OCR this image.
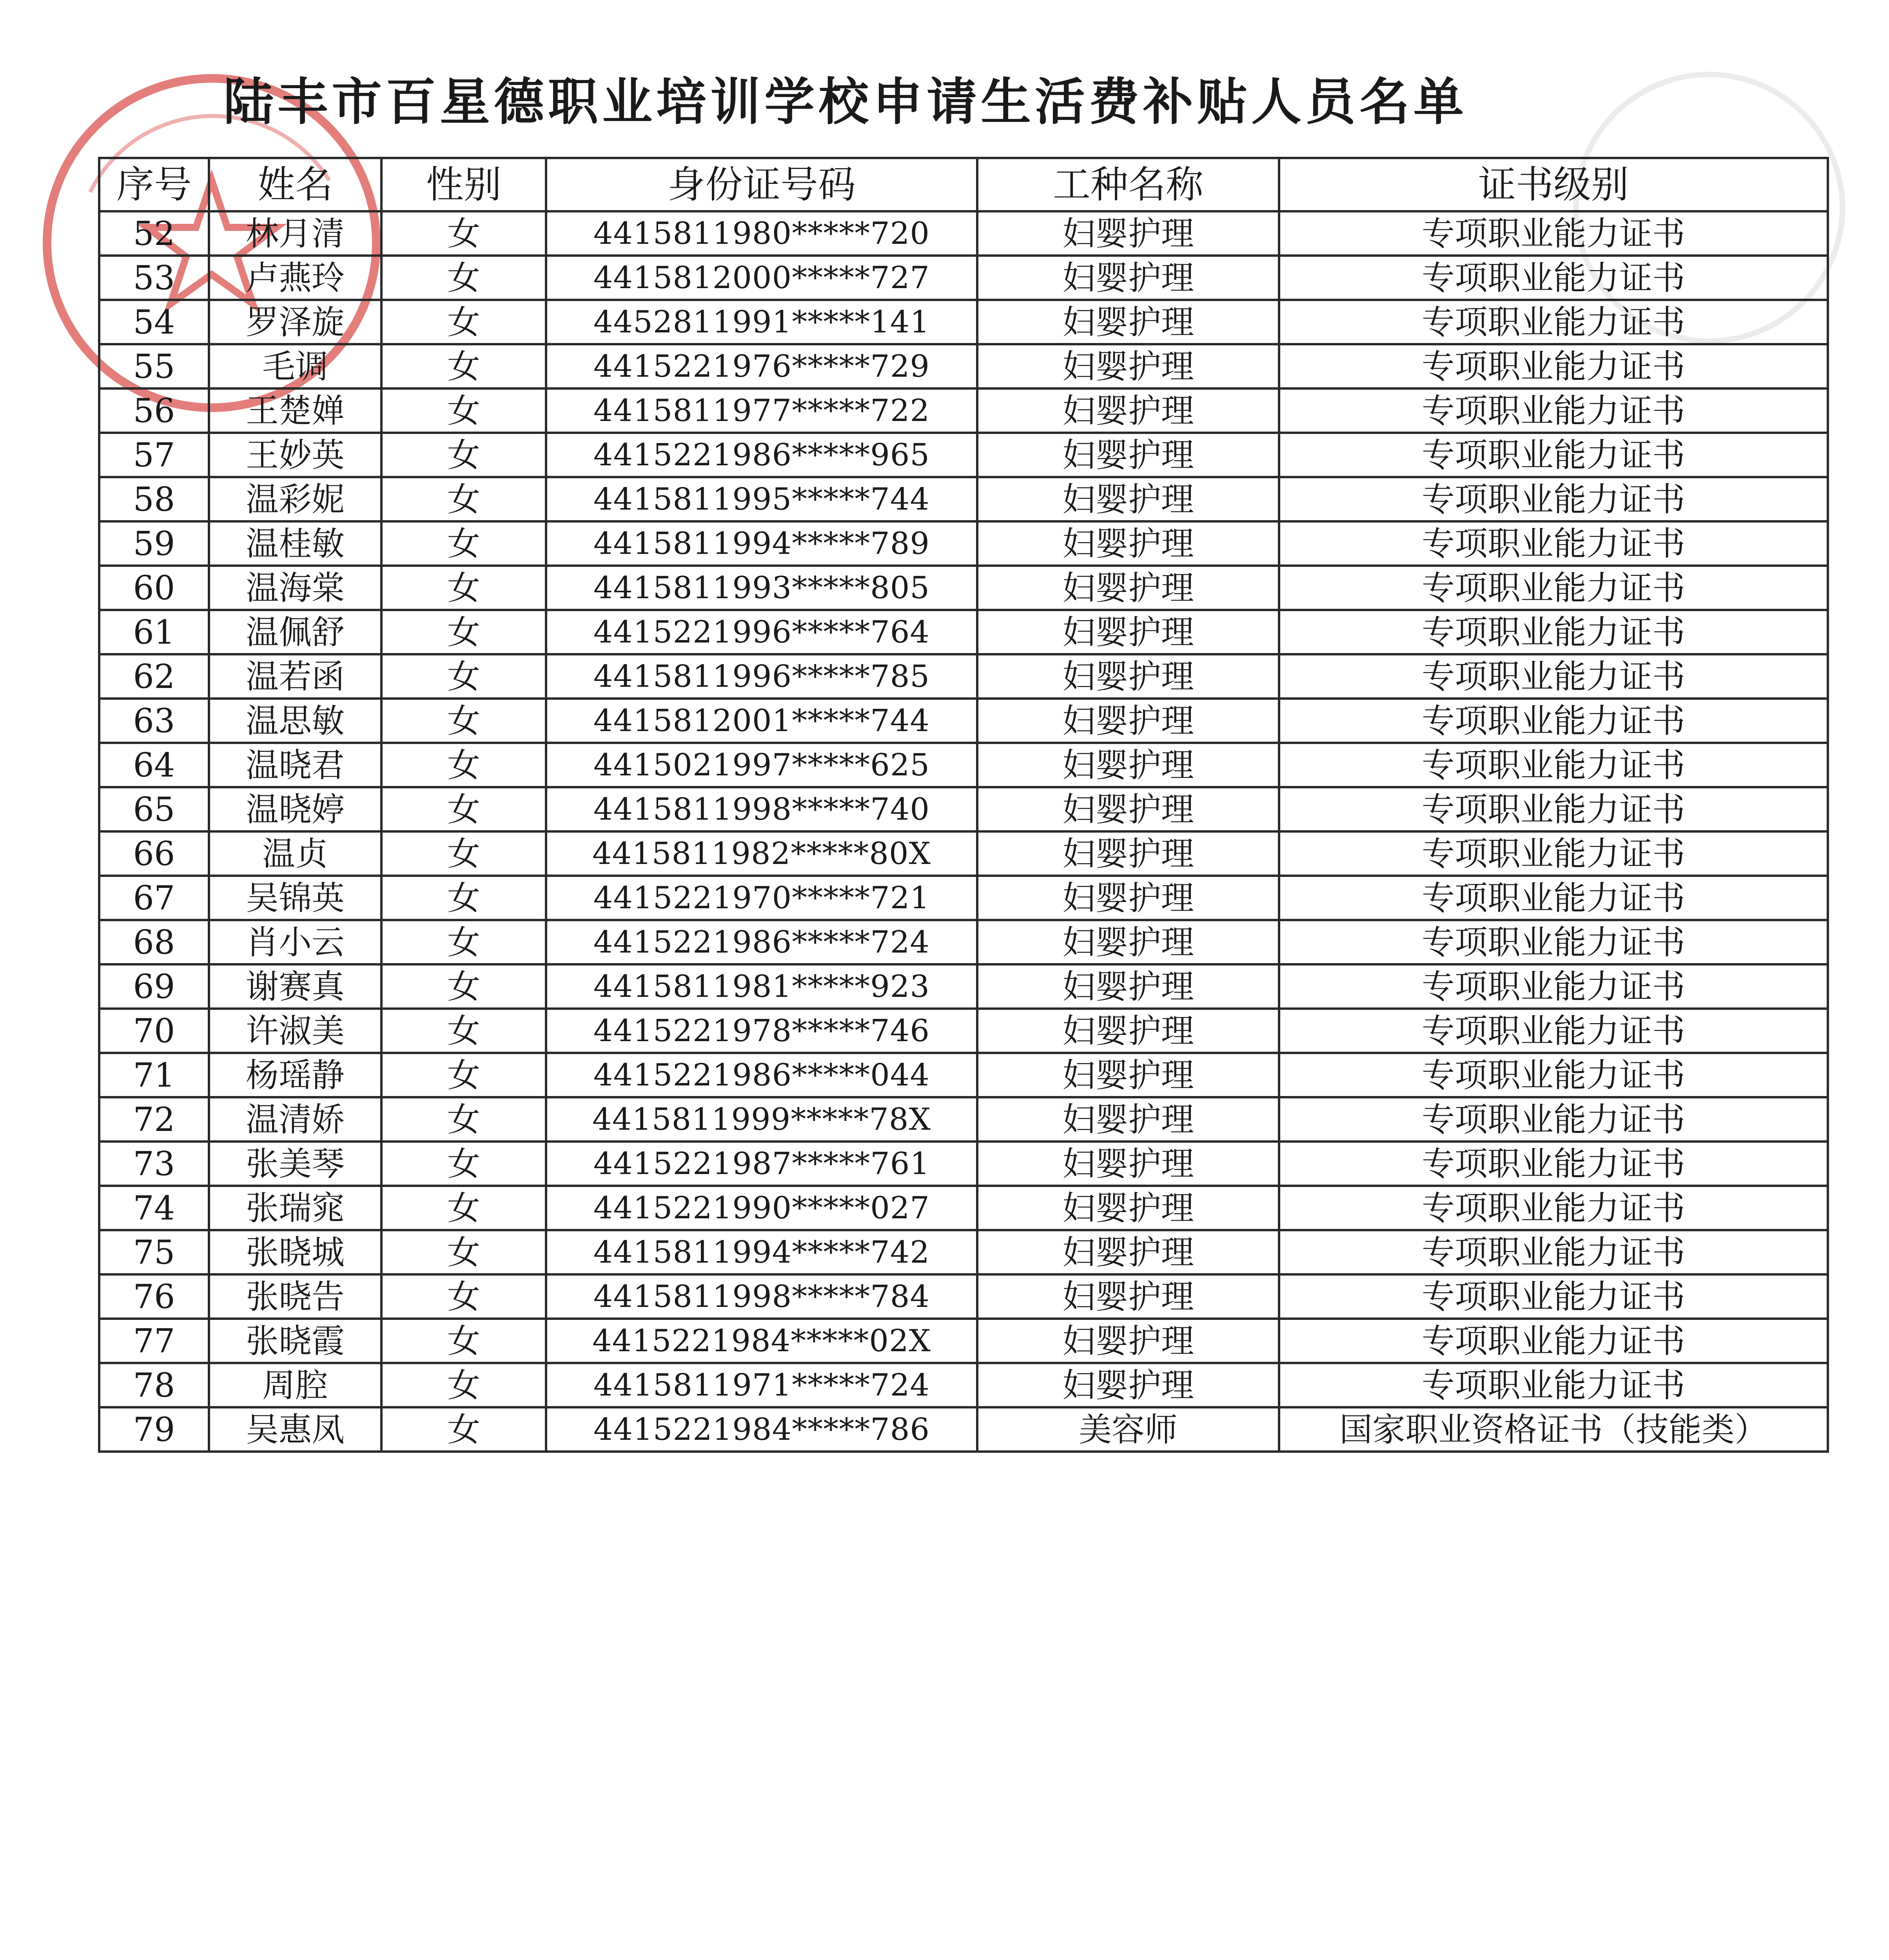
陆丰市百星德职业培训学校申请生活费补贴人员名单
序号	姓名	性别	身份证号码	工种名称	证书级别
52	林月清	女	4415811980*****720	妇婴护理	专项职业能力证书
53	卢燕玲	女	4415812000*****727	妇婴护理	专项职业能力证书
54	罗泽旋	女	4452811991*****141	妇婴护理	专项职业能力证书
55	毛调	女	4415221976*****729	妇婴护理	专项职业能力证书
56	王楚婵	女	4415811977*****722	妇婴护理	专项职业能力证书
57	王妙英	女	4415221986*****965	妇婴护理	专项职业能力证书
58	温彩妮	女	4415811995*****744	妇婴护理	专项职业能力证书
59	温桂敏	女	4415811994*****789	妇婴护理	专项职业能力证书
60	温海棠	女	4415811993*****805	妇婴护理	专项职业能力证书
61	温佩舒	女	4415221996*****764	妇婴护理	专项职业能力证书
62	温若函	女	4415811996*****785	妇婴护理	专项职业能力证书
63	温思敏	女	4415812001*****744	妇婴护理	专项职业能力证书
64	温晓君	女	4415021997*****625	妇婴护理	专项职业能力证书
65	温晓婷	女	4415811998*****740	妇婴护理	专项职业能力证书
66	温贞	女	4415811982*****80X	妇婴护理	专项职业能力证书
67	吴锦英	女	4415221970*****721	妇婴护理	专项职业能力证书
68	肖小云	女	4415221986*****724	妇婴护理	专项职业能力证书
69	谢赛真	女	4415811981*****923	妇婴护理	专项职业能力证书
70	许淑美	女	4415221978*****746	妇婴护理	专项职业能力证书
71	杨瑶静	女	4415221986*****044	妇婴护理	专项职业能力证书
72	温清娇	女	4415811999*****78X	妇婴护理	专项职业能力证书
73	张美琴	女	4415221987*****761	妇婴护理	专项职业能力证书
74	张瑞窕	女	4415221990*****027	妇婴护理	专项职业能力证书
75	张晓城	女	4415811994*****742	妇婴护理	专项职业能力证书
76	张晓告	女	4415811998*****784	妇婴护理	专项职业能力证书
77	张晓霞	女	4415221984*****02X	妇婴护理	专项职业能力证书
78	周腔	女	4415811971*****724	妇婴护理	专项职业能力证书
79	吴惠凤	女	4415221984*****786	美容师	国家职业资格证书（技能类）
